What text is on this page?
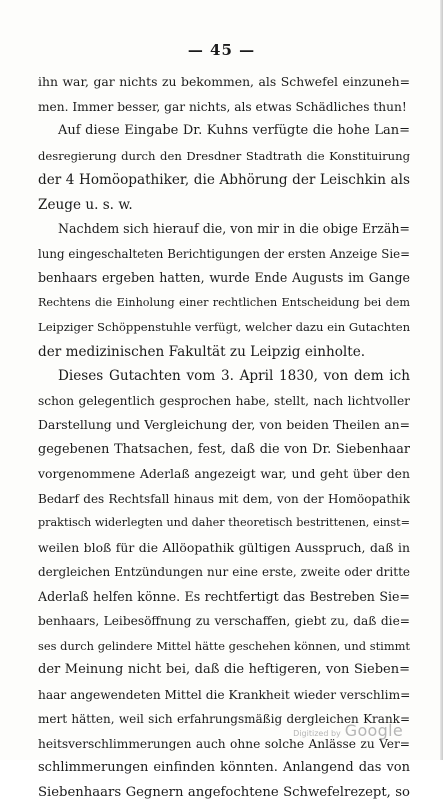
— 45 —
ihn war, gar nichts zu bekommen, als Schwefel einzuneh=
men. Immer besser, gar nichts, als etwas Schädliches thun!
Auf diese Eingabe Dr. Kuhns verfügte die hohe Lan=
desregierung durch den Dresdner Stadtrath die Konstituirung
der 4 Homöopathiker, die Abhörung der Leischkin als
Zeuge u. s. w.
Nachdem sich hierauf die, von mir in die obige Erzäh=
lung eingeschalteten Berichtigungen der ersten Anzeige Sie=
benhaars ergeben hatten, wurde Ende Augusts im Gange
Rechtens die Einholung einer rechtlichen Entscheidung bei dem
Leipziger Schöppenstuhle verfügt, welcher dazu ein Gutachten
der medizinischen Fakultät zu Leipzig einholte.
Dieses Gutachten vom 3. April 1830, von dem ich
schon gelegentlich gesprochen habe, stellt, nach lichtvoller
Darstellung und Vergleichung der, von beiden Theilen an=
gegebenen Thatsachen, fest, daß die von Dr. Siebenhaar
vorgenommene Aderlaß angezeigt war, und geht über den
Bedarf des Rechtsfall hinaus mit dem, von der Homöopathik
praktisch widerlegten und daher theoretisch bestrittenen, einst=
weilen bloß für die Allöopathik gültigen Ausspruch, daß in
dergleichen Entzündungen nur eine erste, zweite oder dritte
Aderlaß helfen könne. Es rechtfertigt das Bestreben Sie=
benhaars, Leibesöffnung zu verschaffen, giebt zu, daß die=
ses durch gelindere Mittel hätte geschehen können, und stimmt
der Meinung nicht bei, daß die heftigeren, von Sieben=
haar angewendeten Mittel die Krankheit wieder verschlim=
mert hätten, weil sich erfahrungsmäßig dergleichen Krank=
heitsverschlimmerungen auch ohne solche Anlässe zu Ver=
schlimmerungen einfinden könnten. Anlangend das von
Siebenhaars Gegnern angefochtene Schwefelrezept, so
Digitized by Google
